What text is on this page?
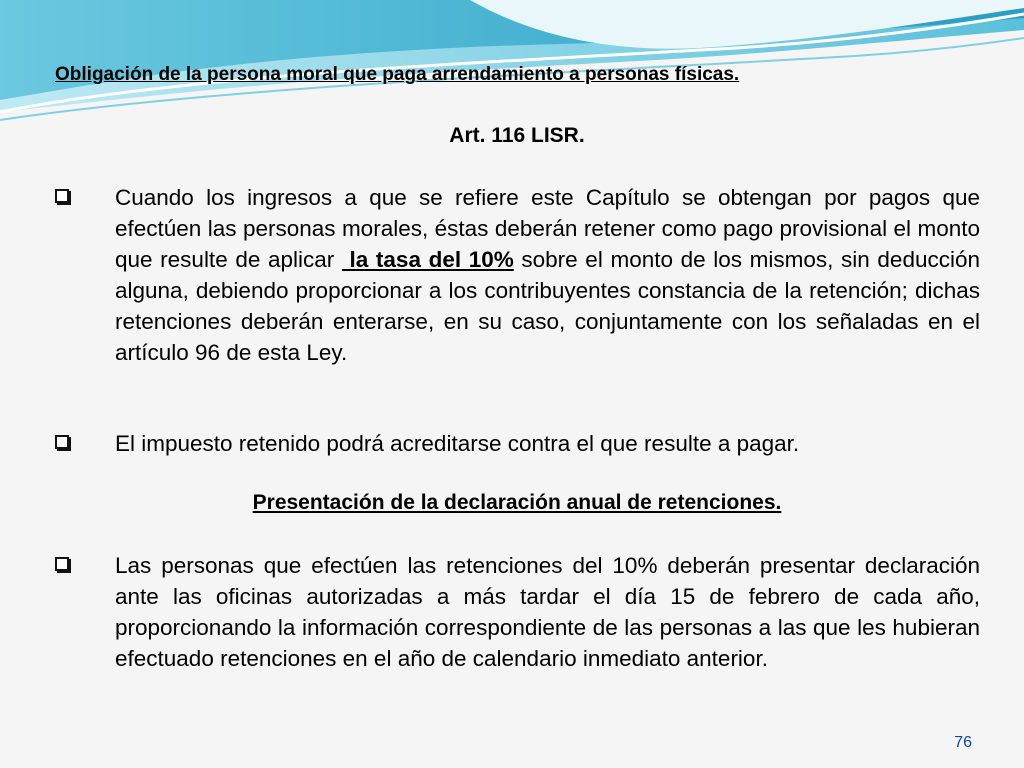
Obligación de la persona moral que paga arrendamiento a personas físicas.
Art. 116 LISR.
Cuando los ingresos a que se refiere este Capítulo se obtengan por pagos que efectúen las personas morales, éstas deberán retener como pago provisional el monto que resulte de aplicar  la tasa del 10% sobre el monto de los mismos, sin deducción alguna, debiendo proporcionar a los contribuyentes constancia de la retención; dichas retenciones deberán enterarse, en su caso, conjuntamente con los señaladas en el artículo 96 de esta Ley.
El impuesto retenido podrá acreditarse contra el que resulte a pagar.
Presentación de la declaración anual de retenciones.
Las personas que efectúen las retenciones del 10% deberán presentar declaración ante las oficinas autorizadas a más tardar el día 15 de febrero de cada año, proporcionando la información correspondiente de las personas a las que les hubieran efectuado retenciones en el año de calendario inmediato anterior.
76
